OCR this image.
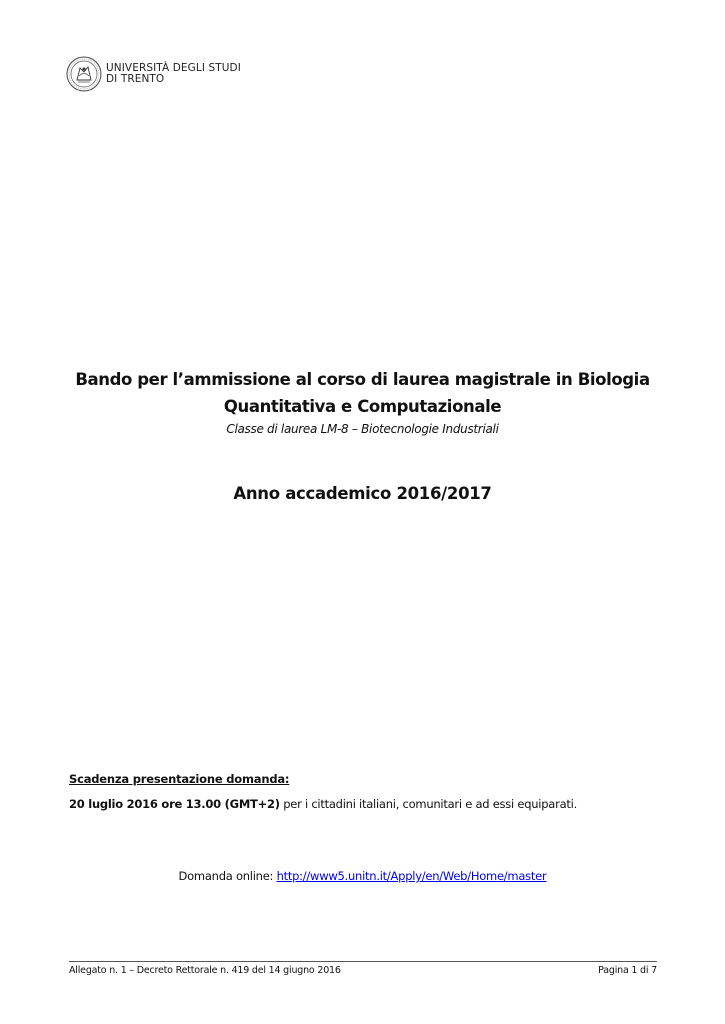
UNIVERSITÀ DEGLI STUDI
DI TRENTO
Bando per l’ammissione al corso di laurea magistrale in Biologia
Quantitativa e Computazionale
Classe di laurea LM-8 – Biotecnologie Industriali
Anno accademico 2016/2017
Scadenza presentazione domanda:
20 luglio 2016 ore 13.00 (GMT+2) per i cittadini italiani, comunitari e ad essi equiparati.
Domanda online: http://www5.unitn.it/Apply/en/Web/Home/master
Allegato n. 1 – Decreto Rettorale n. 419 del 14 giugno 2016	Pagina 1 di 7
